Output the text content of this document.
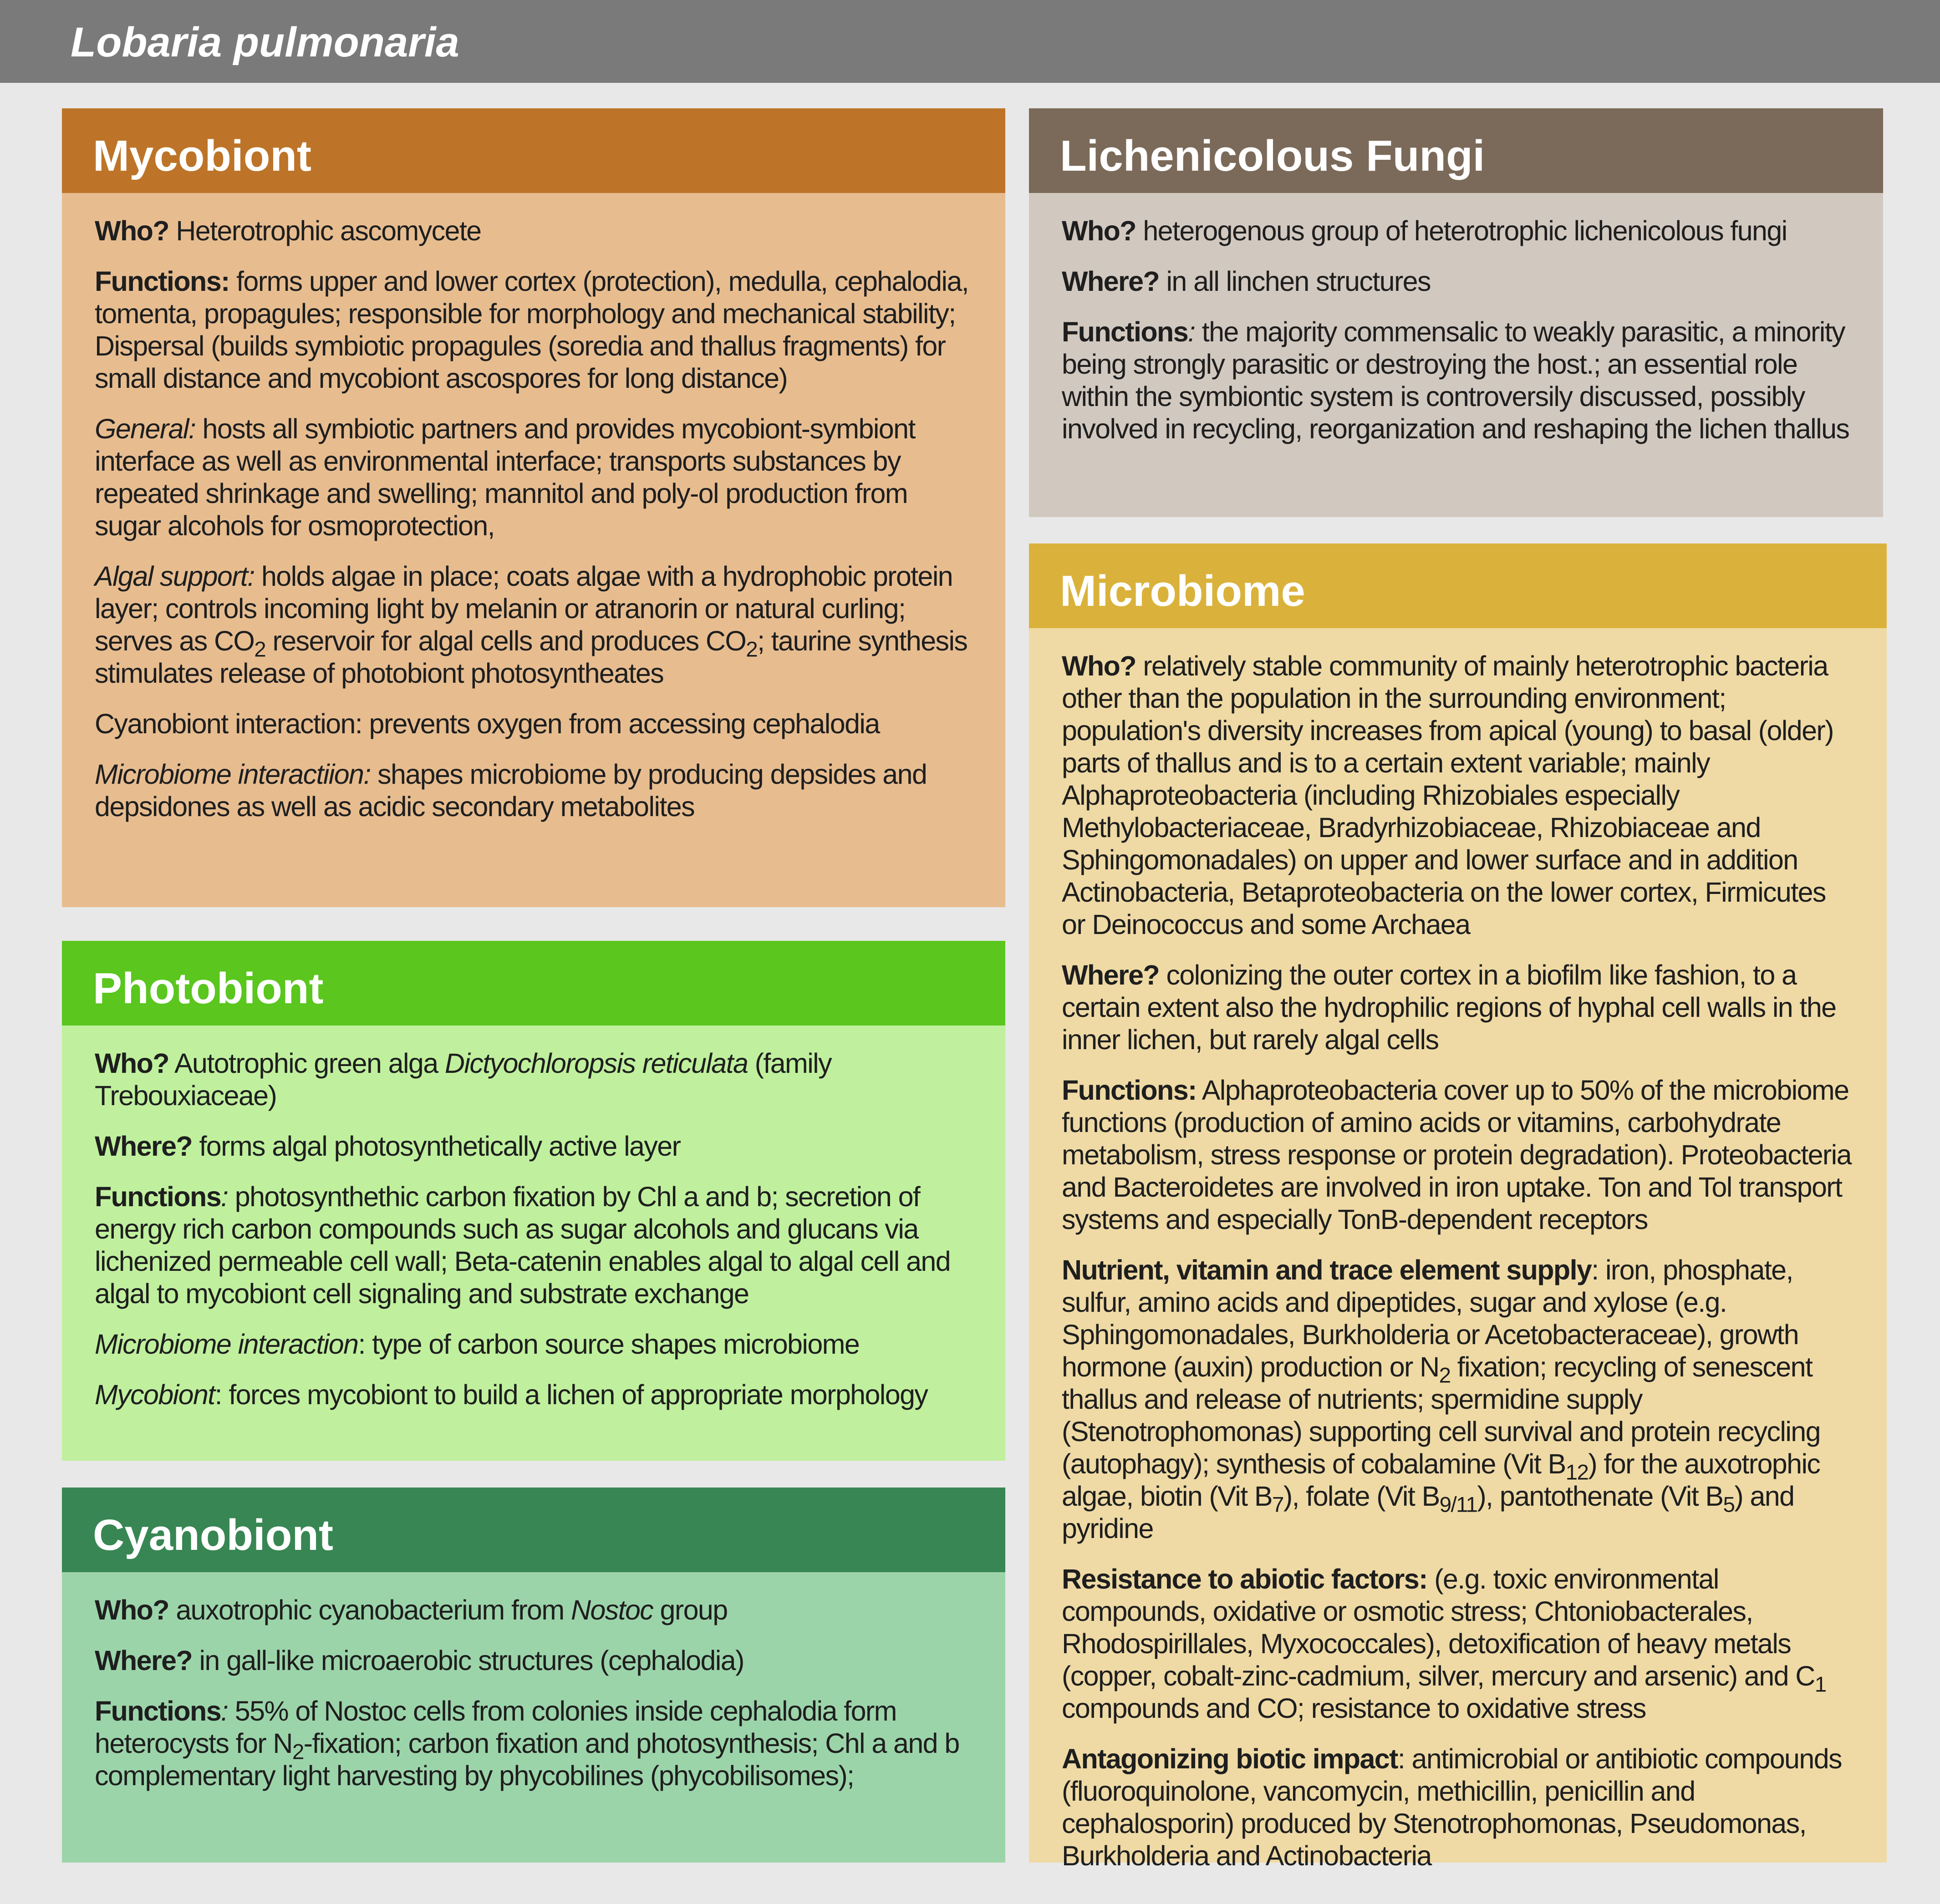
Lobaria pulmonaria
Mycobiont

Who? Heterotrophic ascomycete

Functions: forms upper and lower cortex (protection), medulla, cephalodia, tomenta, propagules; responsible for morphology and mechanical stability; Dispersal (builds symbiotic propagules (soredia and thallus fragments) for small distance and mycobiont ascospores for long distance)

General: hosts all symbiotic partners and provides mycobiont-symbiont interface as well as environmental interface; transports substances by repeated shrinkage and swelling; mannitol and poly-ol production from sugar alcohols for osmoprotection,

Algal support: holds algae in place; coats algae with a hydrophobic protein layer; controls incoming light by melanin or atranorin or natural curling; serves as $CO_2$ reservoir for algal cells and produces $CO_2$; taurine synthesis stimulates release of photobiont photosyntheates

Cyanobiont interaction: prevents oxygen from accessing cephalodia

Microbiome interactiion: shapes microbiome by producing depsides and depsidones as well as acidic secondary metabolites

Photobiont

Who? Autotrophic green alga Dictyochloropsis reticulata (family Trebouxiaceae)

Where? forms algal photosynthetically active layer

Functions: photosynthethic carbon fixation by Chl a and b; secretion of energy rich carbon compounds such as sugar alcohols and glucans via lichenized permeable cell wall; Beta-catenin enables algal to algal cell and algal to mycobiont cell signaling and substrate exchange

Microbiome interaction: type of carbon source shapes microbiome

Mycobiont: forces mycobiont to build a lichen of appropriate morphology

Cyanobiont

Who? auxotrophic cyanobacterium from Nostoc group

Where? in gall-like microaerobic structures (cephalodia)

Functions: 55% of Nostoc cells from colonies inside cephalodia form heterocysts for $N_2$-fixation; carbon fixation and photosynthesis; Chl a and b complementary light harvesting by phycobilines (phycobilisomes);

Lichenicolous Fungi

Who? heterogenous group of heterotrophic lichenicolous fungi

Where? in all linchen structures

Functions: the majority commensalic to weakly parasitic, a minority being strongly parasitic or destroying the host.; an essential role within the symbiontic system is controversily discussed, possibly involved in recycling, reorganization and reshaping the lichen thallus

Microbiome

Who? relatively stable community of mainly heterotrophic bacteria other than the population in the surrounding environment; population's diversity increases from apical (young) to basal (older) parts of thallus and is to a certain extent variable; mainly Alphaproteobacteria (including Rhizobiales especially Methylobacteriaceae, Bradyrhizobiaceae, Rhizobiaceae and Sphingomonadales) on upper and lower surface and in addition Actinobacteria, Betaproteobacteria on the lower cortex, Firmicutes or Deinococcus and some Archaea

Where? colonizing the outer cortex in a biofilm like fashion, to a certain extent also the hydrophilic regions of hyphal cell walls in the inner lichen, but rarely algal cells

Functions: Alphaproteobacteria cover up to 50% of the microbiome functions (production of amino acids or vitamins, carbohydrate metabolism, stress response or protein degradation). Proteobacteria and Bacteroidetes are involved in iron uptake. Ton and Tol transport systems and especially TonB-dependent receptors

Nutrient, vitamin and trace element supply: iron, phosphate, sulfur, amino acids and dipeptides, sugar and xylose (e.g. Sphingomonadales, Burkholderia or Acetobacteraceae), growth hormone (auxin) production or $N_2$ fixation; recycling of senescent thallus and release of nutrients; spermidine supply (Stenotrophomonas) supporting cell survival and protein recycling (autophagy); synthesis of cobalamine (Vit $B_{12}$) for the auxotrophic algae, biotin (Vit $B_7$), folate (Vit $B_{9/11}$), pantothenate (Vit $B_5$) and pyridine

Resistance to abiotic factors: (e.g. toxic environmental compounds, oxidative or osmotic stress; Chtoniobacterales, Rhodospirillales, Myxococcales), detoxification of heavy metals (copper, cobalt-zinc-cadmium, silver, mercury and arsenic) and $C_1$ compounds and CO; resistance to oxidative stress

Antagonizing biotic impact: antimicrobial or antibiotic compounds (fluoroquinolone, vancomycin, methicillin, penicillin and cephalosporin) produced by Stenotrophomonas, Pseudomonas, Burkholderia and Actinobacteria
